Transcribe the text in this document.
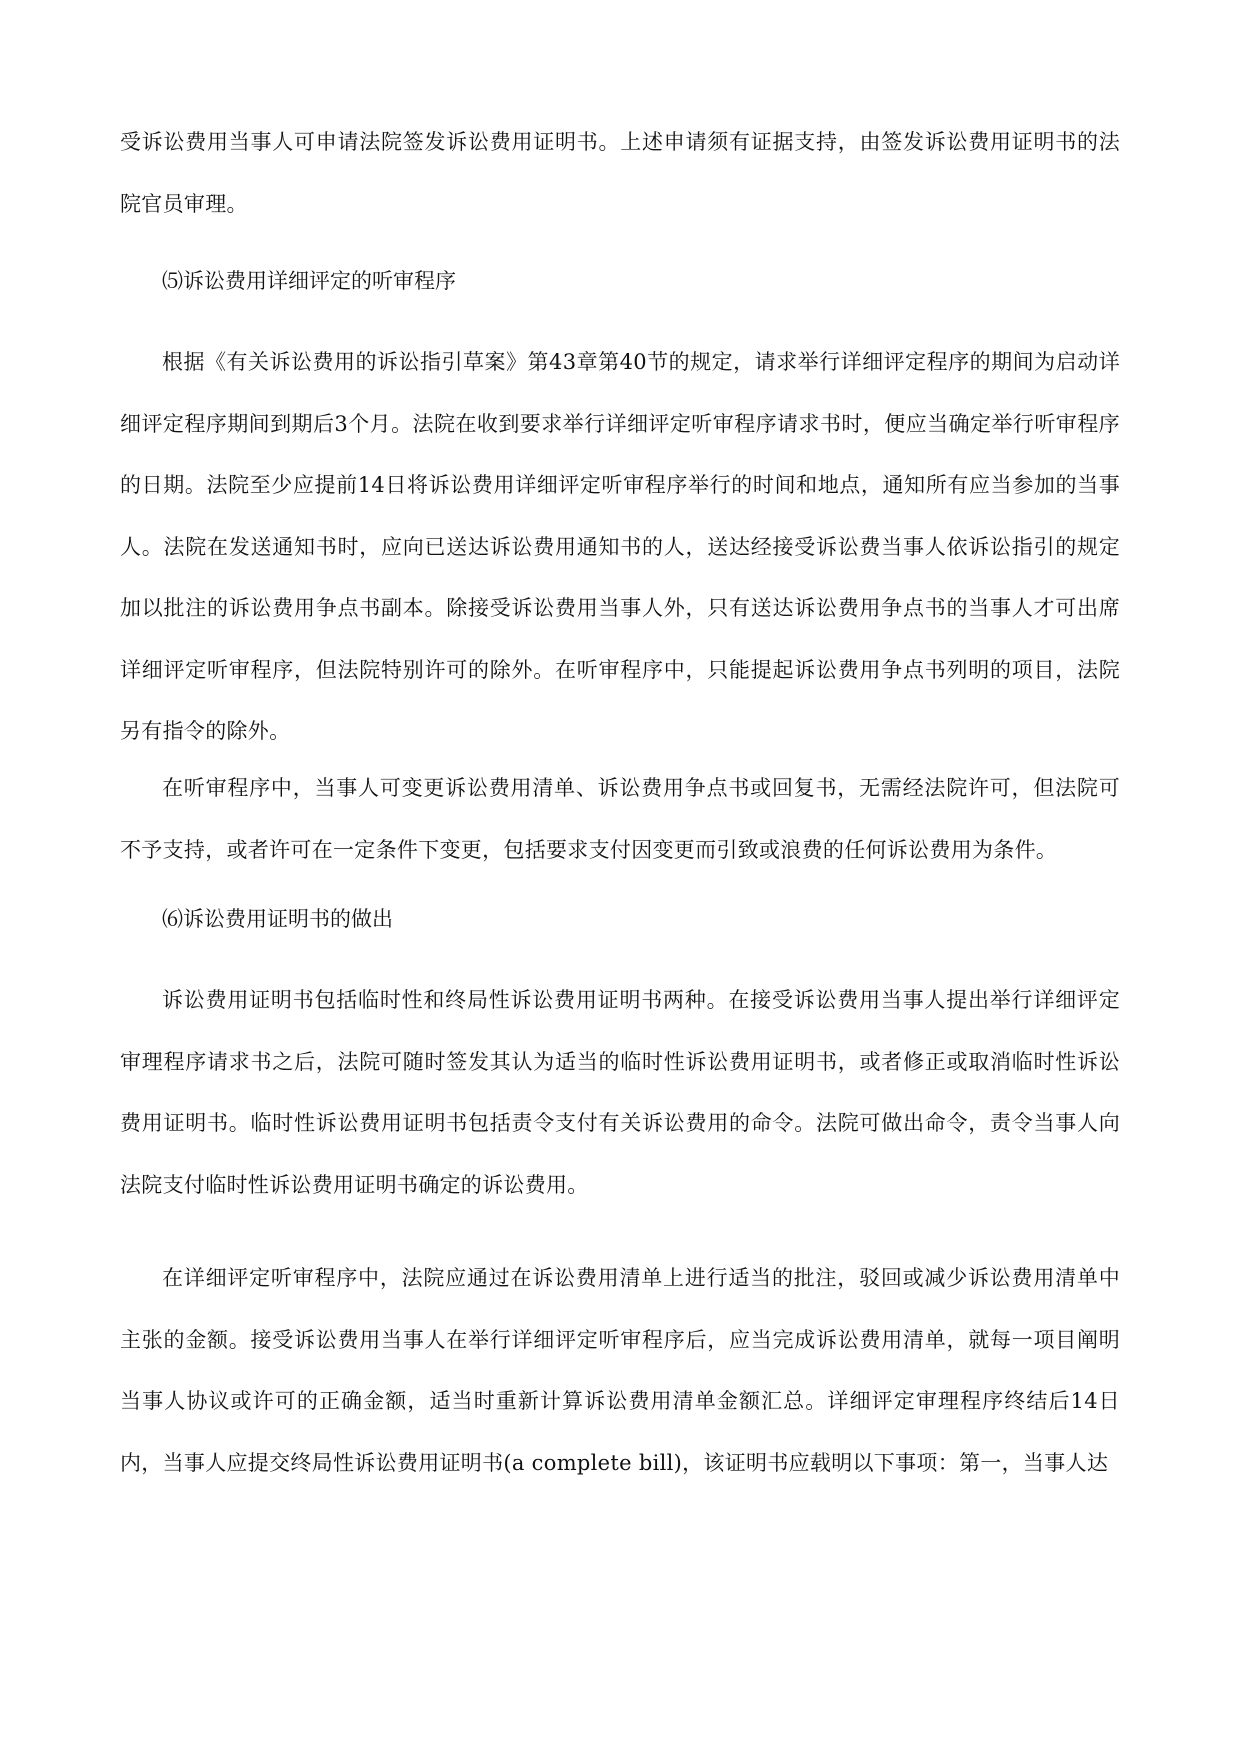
受诉讼费用当事人可申请法院签发诉讼费用证明书。上述申请须有证据支持，由签发诉讼费用证明书的法院官员审理。

⑸诉讼费用详细评定的听审程序

根据《有关诉讼费用的诉讼指引草案》第43章第40节的规定，请求举行详细评定程序的期间为启动详细评定程序期间到期后3个月。法院在收到要求举行详细评定听审程序请求书时，便应当确定举行听审程序的日期。法院至少应提前14日将诉讼费用详细评定听审程序举行的时间和地点，通知所有应当参加的当事人。法院在发送通知书时，应向已送达诉讼费用通知书的人，送达经接受诉讼费当事人依诉讼指引的规定加以批注的诉讼费用争点书副本。除接受诉讼费用当事人外，只有送达诉讼费用争点书的当事人才可出席详细评定听审程序，但法院特别许可的除外。在听审程序中，只能提起诉讼费用争点书列明的项目，法院另有指令的除外。

在听审程序中，当事人可变更诉讼费用清单、诉讼费用争点书或回复书，无需经法院许可，但法院可不予支持，或者许可在一定条件下变更，包括要求支付因变更而引致或浪费的任何诉讼费用为条件。

⑹诉讼费用证明书的做出

诉讼费用证明书包括临时性和终局性诉讼费用证明书两种。在接受诉讼费用当事人提出举行详细评定审理程序请求书之后，法院可随时签发其认为适当的临时性诉讼费用证明书，或者修正或取消临时性诉讼费用证明书。临时性诉讼费用证明书包括责令支付有关诉讼费用的命令。法院可做出命令，责令当事人向法院支付临时性诉讼费用证明书确定的诉讼费用。

在详细评定听审程序中，法院应通过在诉讼费用清单上进行适当的批注，驳回或减少诉讼费用清单中主张的金额。接受诉讼费用当事人在举行详细评定听审程序后，应当完成诉讼费用清单，就每一项目阐明当事人协议或许可的正确金额，适当时重新计算诉讼费用清单金额汇总。详细评定审理程序终结后14日内，当事人应提交终局性诉讼费用证明书(a complete bill)，该证明书应载明以下事项：第一，当事人达
